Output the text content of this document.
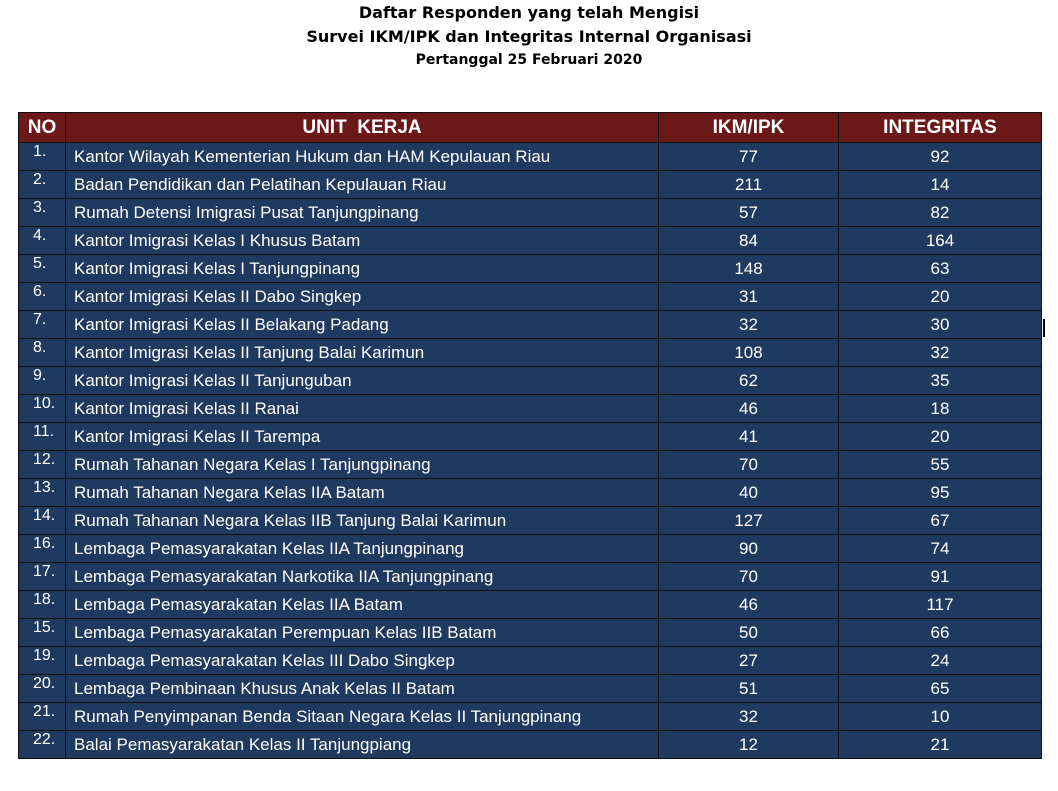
Daftar Responden yang telah Mengisi
Survei IKM/IPK dan Integritas Internal Organisasi
Pertanggal 25 Februari 2020
NO	UNIT  KERJA	IKM/IPK	INTEGRITAS
1.	Kantor Wilayah Kementerian Hukum dan HAM Kepulauan Riau	77	92
2.	Badan Pendidikan dan Pelatihan Kepulauan Riau	211	14
3.	Rumah Detensi Imigrasi Pusat Tanjungpinang	57	82
4.	Kantor Imigrasi Kelas I Khusus Batam	84	164
5.	Kantor Imigrasi Kelas I Tanjungpinang	148	63
6.	Kantor Imigrasi Kelas II Dabo Singkep	31	20
7.	Kantor Imigrasi Kelas II Belakang Padang	32	30
8.	Kantor Imigrasi Kelas II Tanjung Balai Karimun	108	32
9.	Kantor Imigrasi Kelas II Tanjunguban	62	35
10.	Kantor Imigrasi Kelas II Ranai	46	18
11.	Kantor Imigrasi Kelas II Tarempa	41	20
12.	Rumah Tahanan Negara Kelas I Tanjungpinang	70	55
13.	Rumah Tahanan Negara Kelas IIA Batam	40	95
14.	Rumah Tahanan Negara Kelas IIB Tanjung Balai Karimun	127	67
16.	Lembaga Pemasyarakatan Kelas IIA Tanjungpinang	90	74
17.	Lembaga Pemasyarakatan Narkotika IIA Tanjungpinang	70	91
18.	Lembaga Pemasyarakatan Kelas IIA Batam	46	117
15.	Lembaga Pemasyarakatan Perempuan Kelas IIB Batam	50	66
19.	Lembaga Pemasyarakatan Kelas III Dabo Singkep	27	24
20.	Lembaga Pembinaan Khusus Anak Kelas II Batam	51	65
21.	Rumah Penyimpanan Benda Sitaan Negara Kelas II Tanjungpinang	32	10
22.	Balai Pemasyarakatan Kelas II Tanjungpiang	12	21
